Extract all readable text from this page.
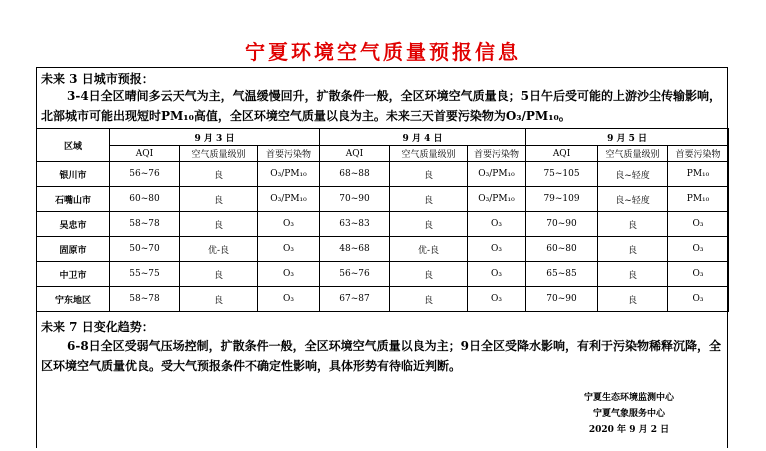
宁夏环境空气质量预报信息
未来 3 日城市预报：
3-4日全区晴间多云天气为主，气温缓慢回升，扩散条件一般，全区环境空气质量良；5日午后受可能的上游沙尘传输影响，北部城市可能出现短时PM₁₀高值，全区环境空气质量以良为主。未来三天首要污染物为O₃/PM₁₀。
区域	9 月 3 日			9 月 4 日			9 月 5 日		
	AQI	空气质量级别	首要污染物	AQI	空气质量级别	首要污染物	AQI	空气质量级别	首要污染物
银川市	56~76	良	O₃/PM₁₀	68~88	良	O₃/PM₁₀	75~105	良~轻度	PM₁₀
石嘴山市	60~80	良	O₃/PM₁₀	70~90	良	O₃/PM₁₀	79~109	良~轻度	PM₁₀
吴忠市	58~78	良	O₃	63~83	良	O₃	70~90	良	O₃
固原市	50~70	优-良	O₃	48~68	优-良	O₃	60~80	良	O₃
中卫市	55~75	良	O₃	56~76	良	O₃	65~85	良	O₃
宁东地区	58~78	良	O₃	67~87	良	O₃	70~90	良	O₃
未来 7 日变化趋势：
6-8日全区受弱气压场控制，扩散条件一般，全区环境空气质量以良为主；9日全区受降水影响，有利于污染物稀释沉降，全区环境空气质量优良。受大气预报条件不确定性影响，具体形势有待临近判断。
宁夏生态环境监测中心
宁夏气象服务中心
2020 年 9 月 2 日
